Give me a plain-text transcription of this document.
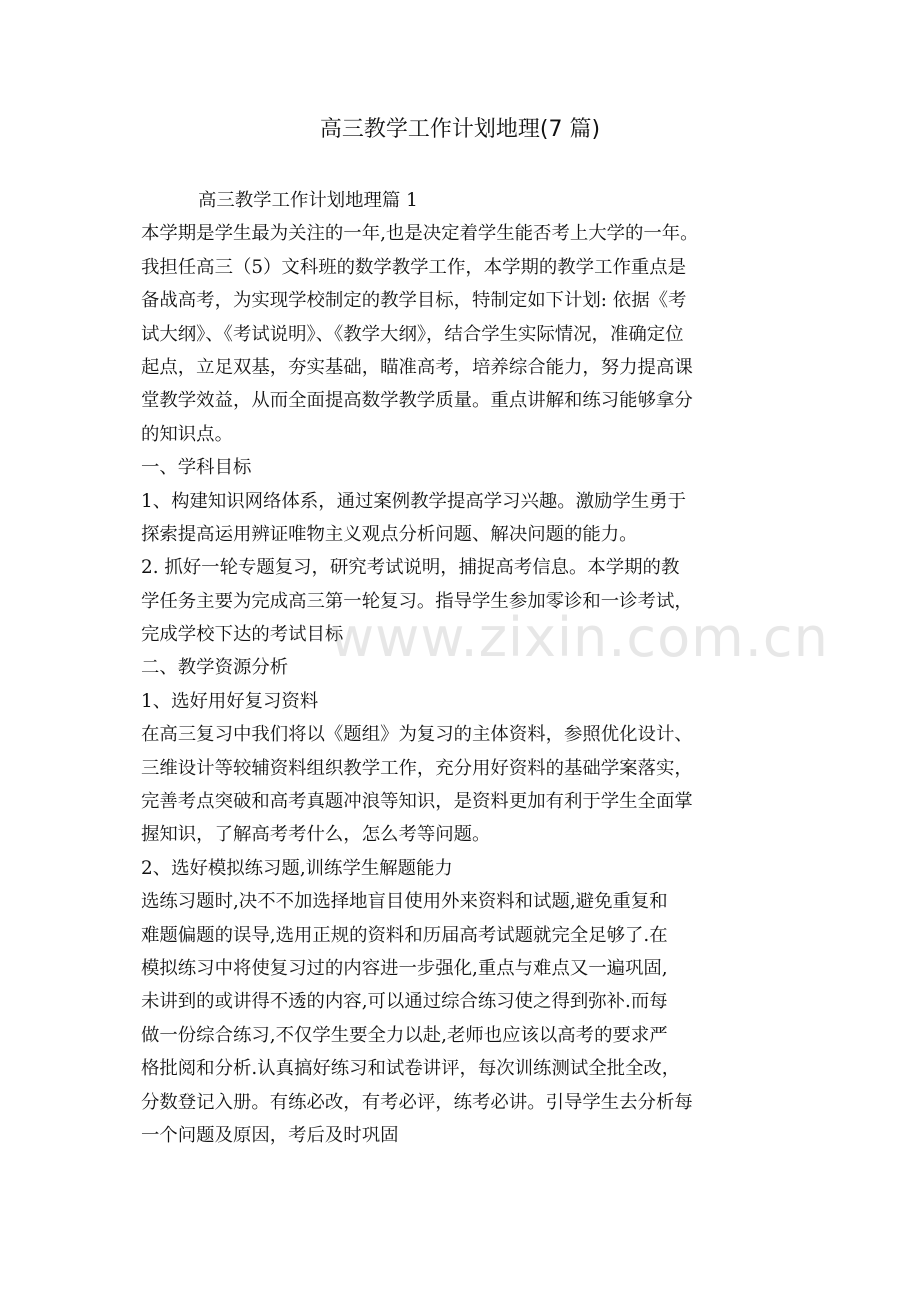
高三教学工作计划地理(7 篇)
高三教学工作计划地理篇 1
本学期是学生最为关注的一年,也是决定着学生能否考上大学的一年。
我担任高三（5）文科班的数学教学工作，本学期的教学工作重点是
备战高考，为实现学校制定的教学目标，特制定如下计划: 依据《考
试大纲》、《考试说明》、《教学大纲》，结合学生实际情况，准确定位
起点，立足双基，夯实基础，瞄准高考，培养综合能力，努力提高课
堂教学效益，从而全面提高数学教学质量。重点讲解和练习能够拿分
的知识点。
一、学科目标
1、构建知识网络体系，通过案例教学提高学习兴趣。激励学生勇于
探索提高运用辨证唯物主义观点分析问题、解决问题的能力。
2. 抓好一轮专题复习，研究考试说明，捕捉高考信息。本学期的教
学任务主要为完成高三第一轮复习。指导学生参加零诊和一诊考试，
完成学校下达的考试目标
二、教学资源分析
1、选好用好复习资料
在高三复习中我们将以《题组》为复习的主体资料，参照优化设计、
三维设计等较辅资料组织教学工作，充分用好资料的基础学案落实，
完善考点突破和高考真题冲浪等知识，是资料更加有利于学生全面掌
握知识，了解高考考什么，怎么考等问题。
2、选好模拟练习题,训练学生解题能力
选练习题时,决不不加选择地盲目使用外来资料和试题,避免重复和
难题偏题的误导,选用正规的资料和历届高考试题就完全足够了.在
模拟练习中将使复习过的内容进一步强化,重点与难点又一遍巩固,
未讲到的或讲得不透的内容,可以通过综合练习使之得到弥补.而每
做一份综合练习,不仅学生要全力以赴,老师也应该以高考的要求严
格批阅和分析.认真搞好练习和试卷讲评，每次训练测试全批全改，
分数登记入册。有练必改，有考必评，练考必讲。引导学生去分析每
一个问题及原因，考后及时巩固
www.zixin.com.cn
